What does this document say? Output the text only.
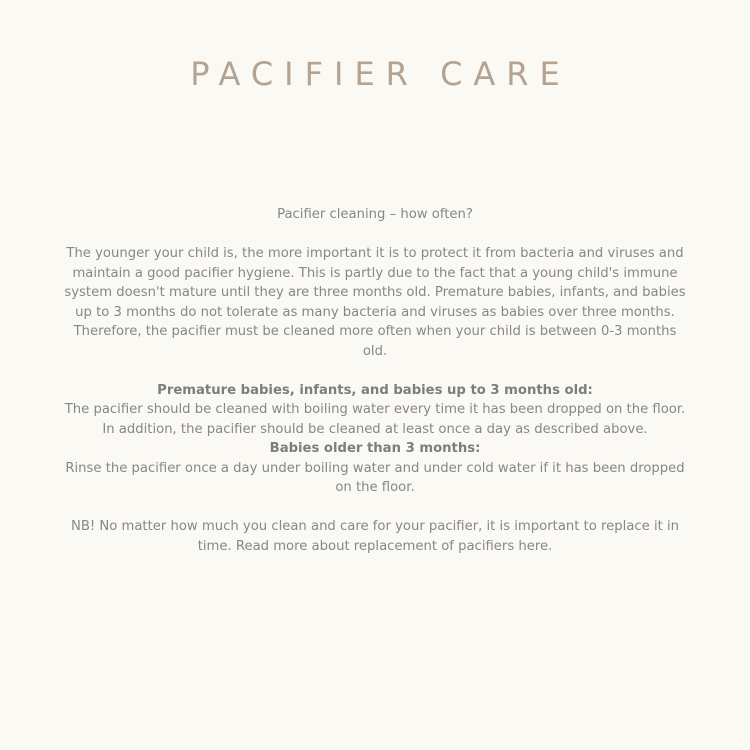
PACIFIER CARE

Pacifier cleaning – how often?

The younger your child is, the more important it is to protect it from bacteria and viruses and maintain a good pacifier hygiene. This is partly due to the fact that a young child's immune system doesn't mature until they are three months old. Premature babies, infants, and babies up to 3 months do not tolerate as many bacteria and viruses as babies over three months. Therefore, the pacifier must be cleaned more often when your child is between 0-3 months old.

Premature babies, infants, and babies up to 3 months old:

The pacifier should be cleaned with boiling water every time it has been dropped on the floor. In addition, the pacifier should be cleaned at least once a day as described above.

Babies older than 3 months:

Rinse the pacifier once a day under boiling water and under cold water if it has been dropped on the floor.

NB! No matter how much you clean and care for your pacifier, it is important to replace it in time. Read more about replacement of pacifiers here.
